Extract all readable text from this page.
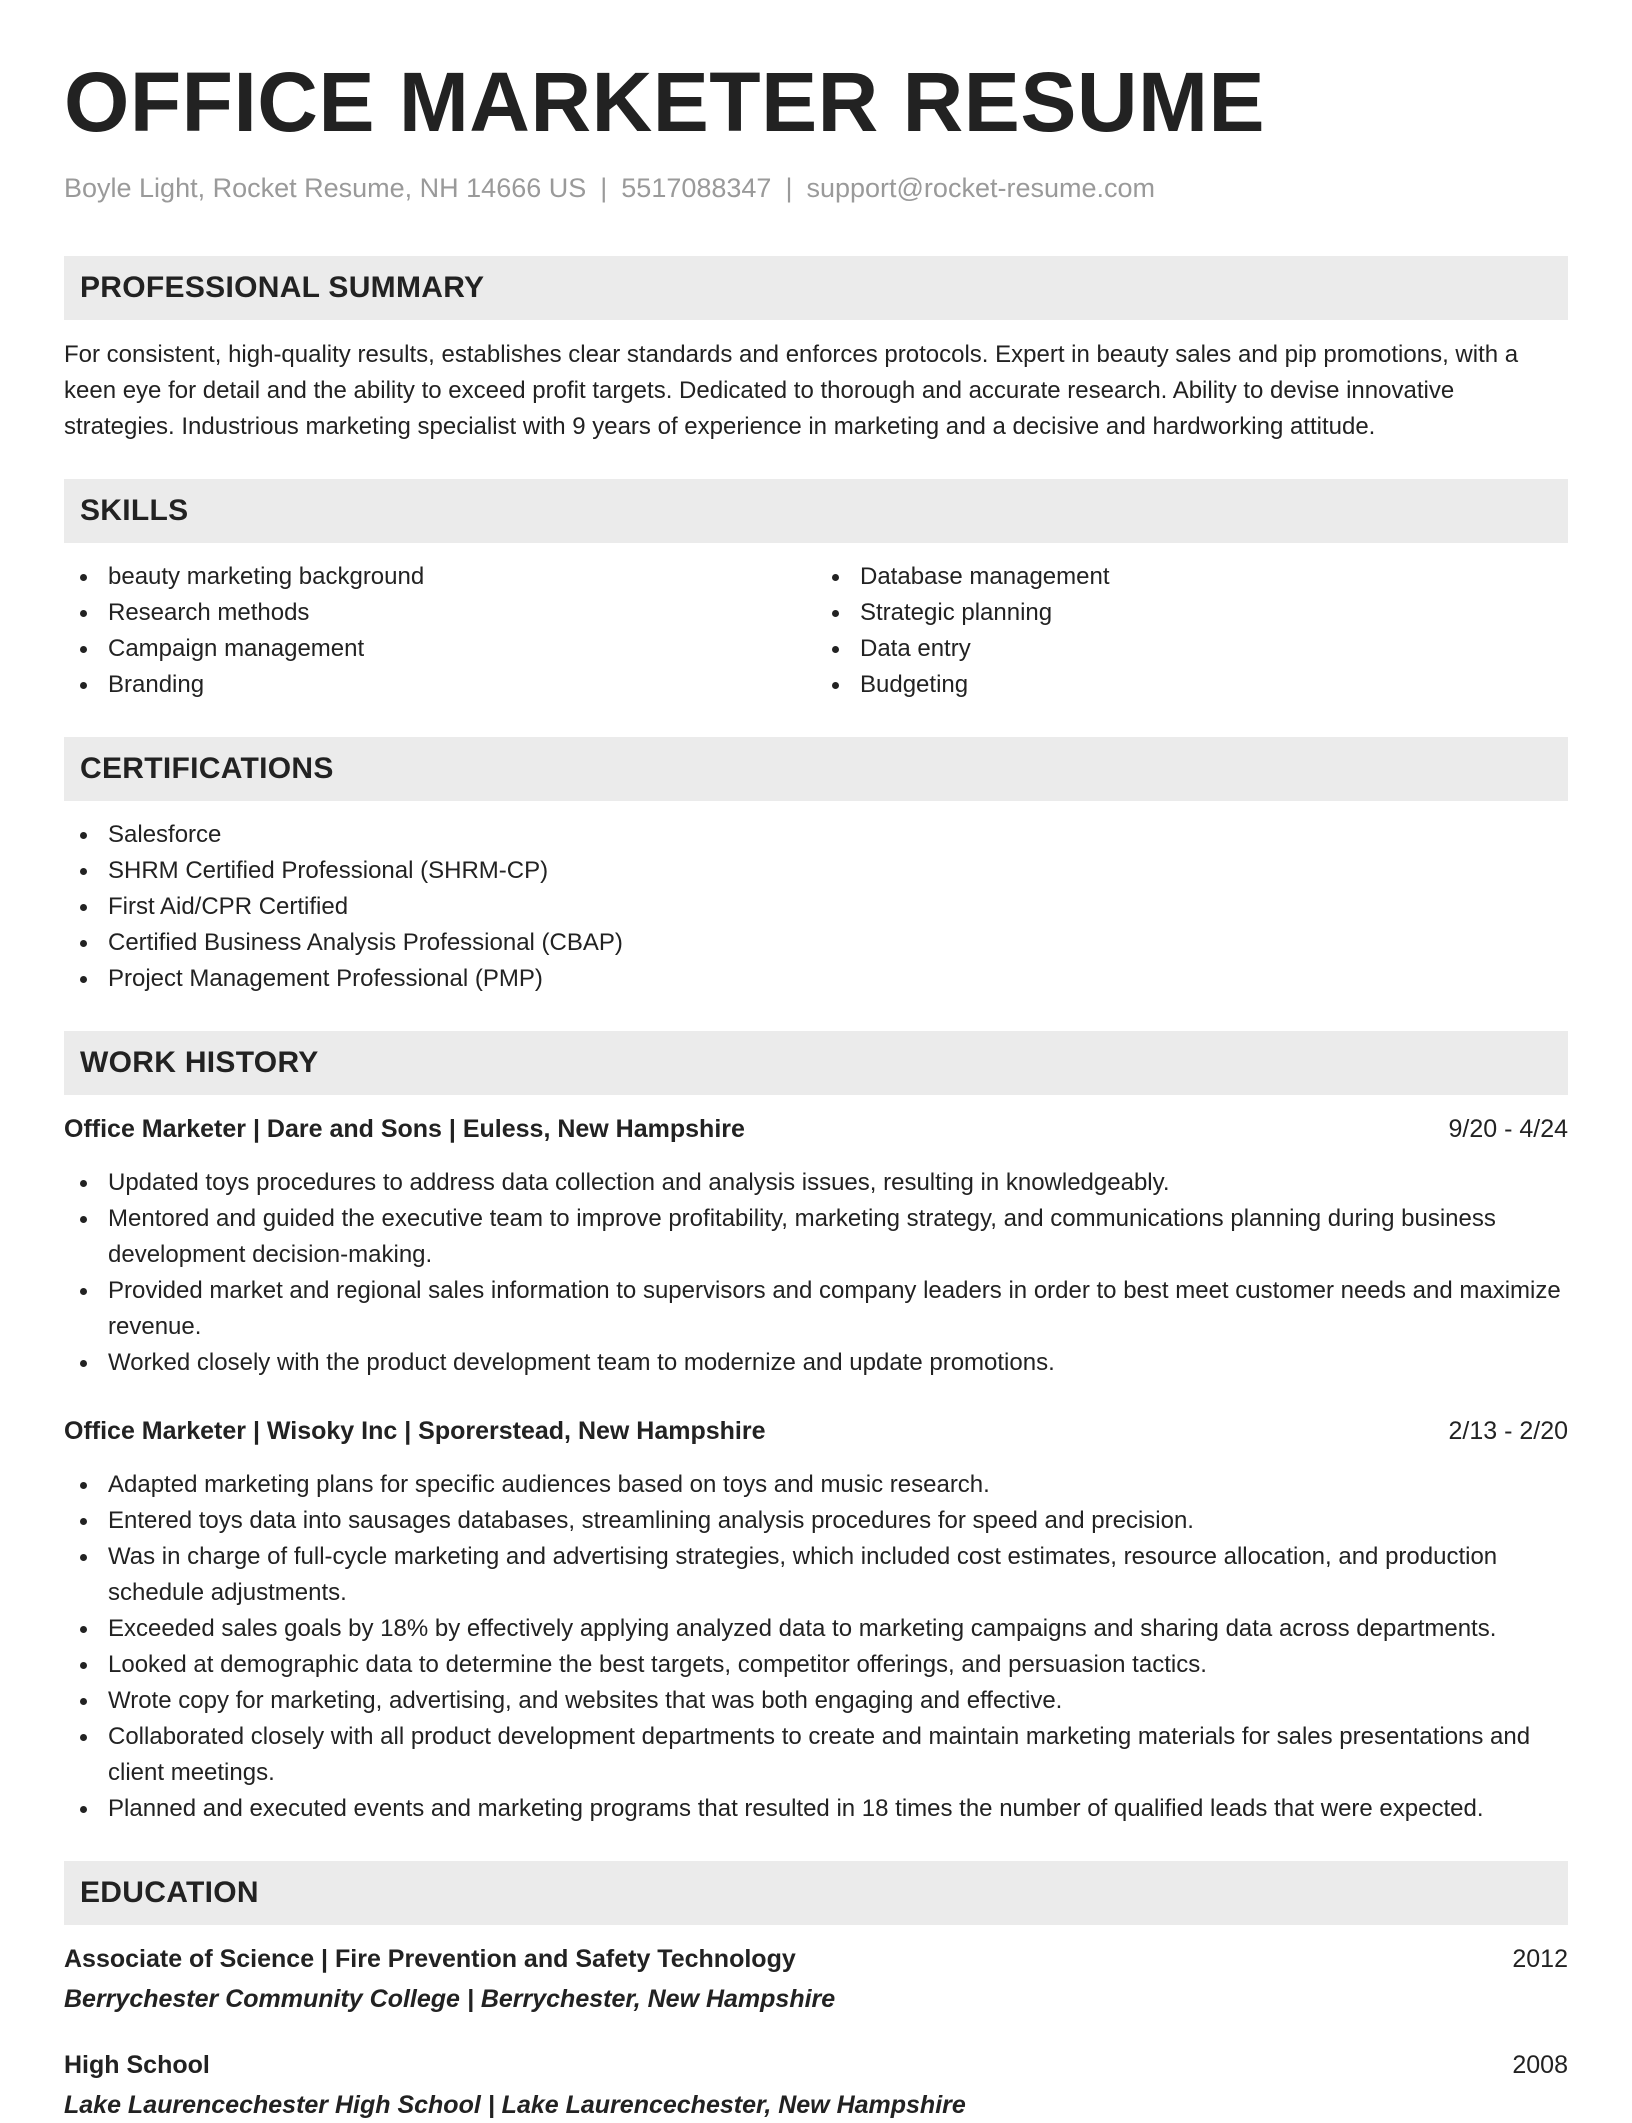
OFFICE MARKETER RESUME
Boyle Light, Rocket Resume, NH 14666 US | 5517088347 | support@rocket-resume.com
PROFESSIONAL SUMMARY
For consistent, high-quality results, establishes clear standards and enforces protocols. Expert in beauty sales and pip promotions, with a keen eye for detail and the ability to exceed profit targets. Dedicated to thorough and accurate research. Ability to devise innovative strategies. Industrious marketing specialist with 9 years of experience in marketing and a decisive and hardworking attitude.
SKILLS
beauty marketing background
Research methods
Campaign management
Branding
Database management
Strategic planning
Data entry
Budgeting
CERTIFICATIONS
Salesforce
SHRM Certified Professional (SHRM-CP)
First Aid/CPR Certified
Certified Business Analysis Professional (CBAP)
Project Management Professional (PMP)
WORK HISTORY
Office Marketer | Dare and Sons | Euless, New Hampshire	9/20 - 4/24
Updated toys procedures to address data collection and analysis issues, resulting in knowledgeably.
Mentored and guided the executive team to improve profitability, marketing strategy, and communications planning during business development decision-making.
Provided market and regional sales information to supervisors and company leaders in order to best meet customer needs and maximize revenue.
Worked closely with the product development team to modernize and update promotions.
Office Marketer | Wisoky Inc | Sporerstead, New Hampshire	2/13 - 2/20
Adapted marketing plans for specific audiences based on toys and music research.
Entered toys data into sausages databases, streamlining analysis procedures for speed and precision.
Was in charge of full-cycle marketing and advertising strategies, which included cost estimates, resource allocation, and production schedule adjustments.
Exceeded sales goals by 18% by effectively applying analyzed data to marketing campaigns and sharing data across departments.
Looked at demographic data to determine the best targets, competitor offerings, and persuasion tactics.
Wrote copy for marketing, advertising, and websites that was both engaging and effective.
Collaborated closely with all product development departments to create and maintain marketing materials for sales presentations and client meetings.
Planned and executed events and marketing programs that resulted in 18 times the number of qualified leads that were expected.
EDUCATION
Associate of Science | Fire Prevention and Safety Technology	2012
Berrychester Community College | Berrychester, New Hampshire
High School	2008
Lake Laurencechester High School | Lake Laurencechester, New Hampshire
